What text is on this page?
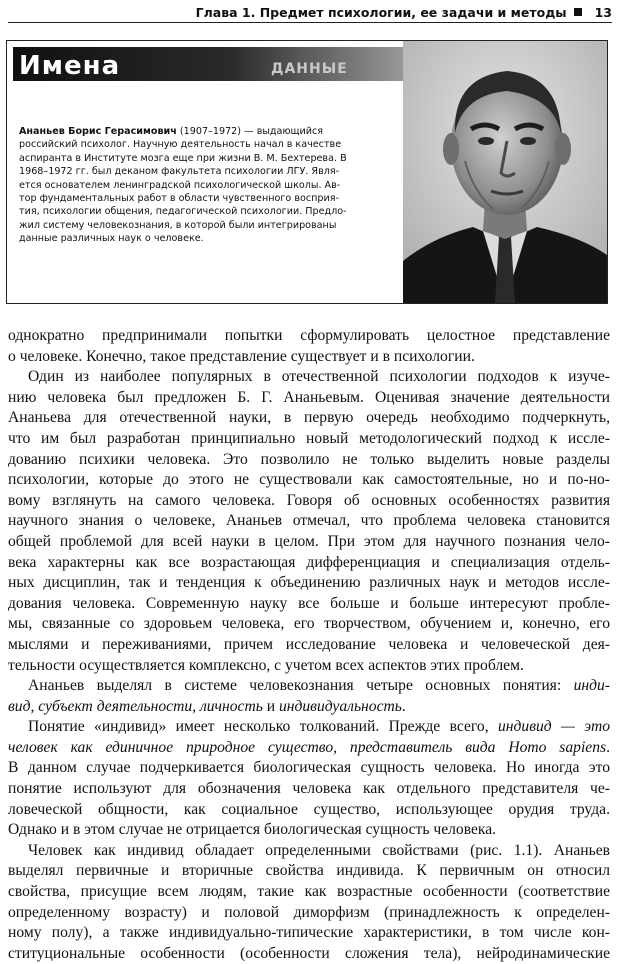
Глава 1. Предмет психологии, ее задачи и методы 13
Имена	ДАННЫЕ
Ананьев Борис Герасимович (1907–1972) — выдающийся
российский психолог. Научную деятельность начал в качестве
аспиранта в Институте мозга еще при жизни В. М. Бехтерева. В
1968–1972 гг. был деканом факультета психологии ЛГУ. Явля-
ется основателем ленинградской психологической школы. Ав-
тор фундаментальных работ в области чувственного восприя-
тия, психологии общения, педагогической психологии. Предло-
жил систему человекознания, в которой были интегрированы
данные различных наук о человеке.
однократно предпринимали попытки сформулировать целостное представление
о человеке. Конечно, такое представление существует и в психологии.
Один из наиболее популярных в отечественной психологии подходов к изуче-
нию человека был предложен Б. Г. Ананьевым. Оценивая значение деятельности
Ананьева для отечественной науки, в первую очередь необходимо подчеркнуть,
что им был разработан принципиально новый методологический подход к иссле-
дованию психики человека. Это позволило не только выделить новые разделы
психологии, которые до этого не существовали как самостоятельные, но и по-но-
вому взглянуть на самого человека. Говоря об основных особенностях развития
научного знания о человеке, Ананьев отмечал, что проблема человека становится
общей проблемой для всей науки в целом. При этом для научного познания чело-
века характерны как все возрастающая дифференциация и специализация отдель-
ных дисциплин, так и тенденция к объединению различных наук и методов иссле-
дования человека. Современную науку все больше и больше интересуют пробле-
мы, связанные со здоровьем человека, его творчеством, обучением и, конечно, его
мыслями и переживаниями, причем исследование человека и человеческой дея-
тельности осуществляется комплексно, с учетом всех аспектов этих проблем.
Ананьев выделял в системе человекознания четыре основных понятия: инди-
вид, субъект деятельности, личность и индивидуальность.
Понятие «индивид» имеет несколько толкований. Прежде всего, индивид — это
человек как единичное природное существо, представитель вида Homo sapiens.
В данном случае подчеркивается биологическая сущность человека. Но иногда это
понятие используют для обозначения человека как отдельного представителя че-
ловеческой общности, как социальное существо, использующее орудия труда.
Однако и в этом случае не отрицается биологическая сущность человека.
Человек как индивид обладает определенными свойствами (рис. 1.1). Ананьев
выделял первичные и вторичные свойства индивида. К первичным он относил
свойства, присущие всем людям, такие как возрастные особенности (соответствие
определенному возрасту) и половой диморфизм (принадлежность к определен-
ному полу), а также индивидуально-типические характеристики, в том числе кон-
ституциональные особенности (особенности сложения тела), нейродинамические
